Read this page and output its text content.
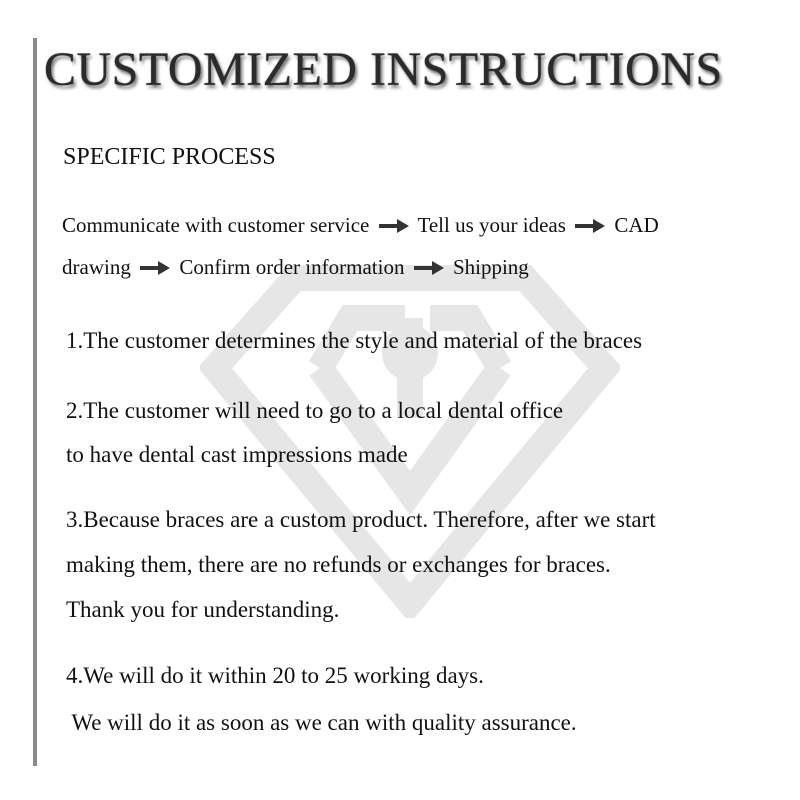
CUSTOMIZED INSTRUCTIONS
SPECIFIC PROCESS
Communicate with customer service Tell us your ideas CAD
drawing Confirm order information Shipping
1.The customer determines the style and material of the braces
2.The customer will need to go to a local dental office
to have dental cast impressions made
3.Because braces are a custom product. Therefore, after we start
making them, there are no refunds or exchanges for braces.
Thank you for understanding.
4.We will do it within 20 to 25 working days.
We will do it as soon as we can with quality assurance.
